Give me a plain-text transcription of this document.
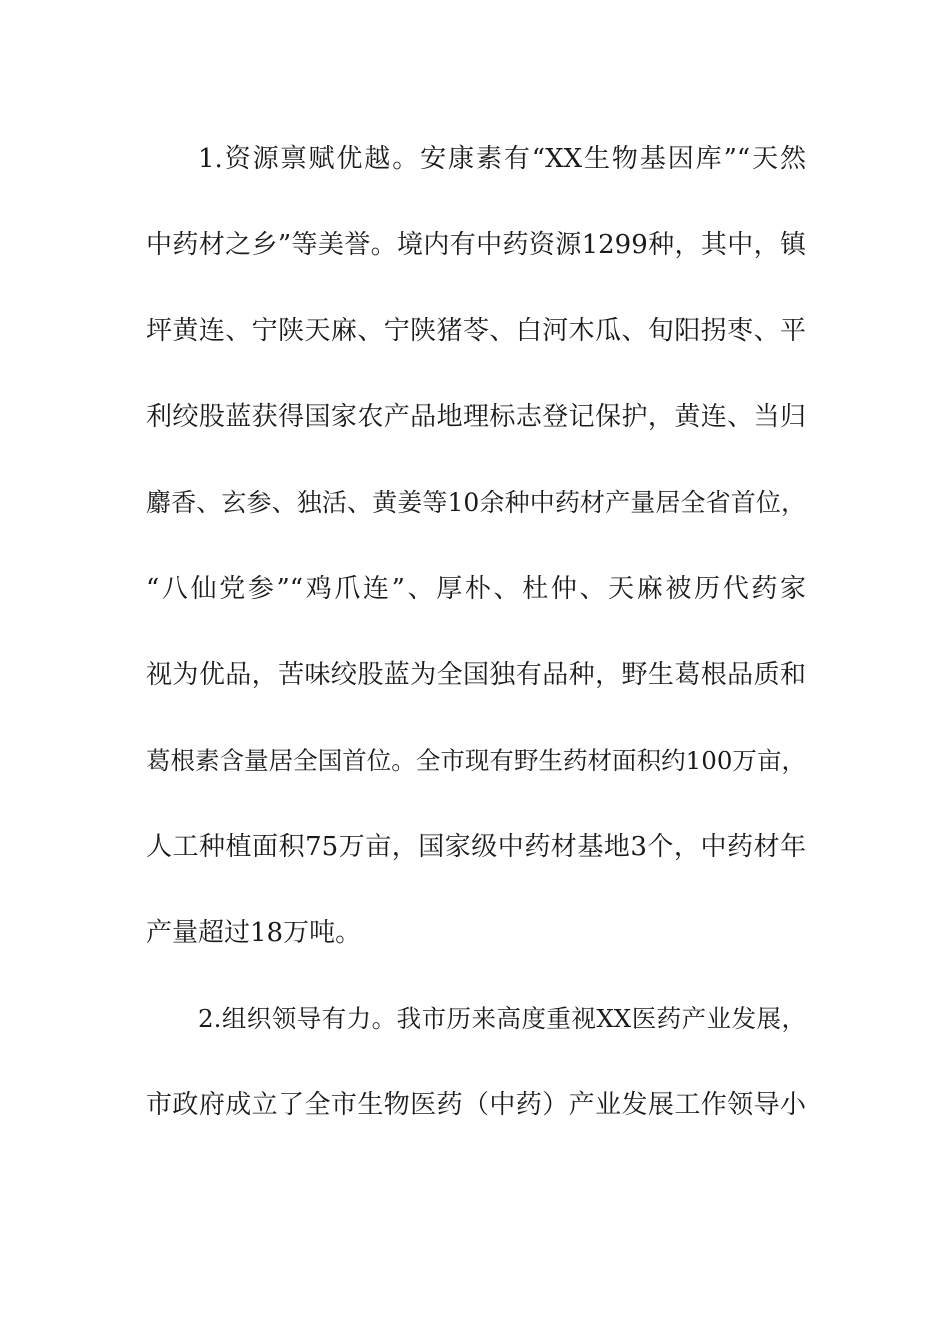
1.资源禀赋优越。安康素有“XX生物基因库”“天然
中药材之乡”等美誉。境内有中药资源1299种，其中，镇
坪黄连、宁陕天麻、宁陕猪苓、白河木瓜、旬阳拐枣、平
利绞股蓝获得国家农产品地理标志登记保护，黄连、当归
麝香、玄参、独活、黄姜等10余种中药材产量居全省首位，
“八仙党参”“鸡爪连”、厚朴、杜仲、天麻被历代药家
视为优品，苦味绞股蓝为全国独有品种，野生葛根品质和
葛根素含量居全国首位。全市现有野生药材面积约100万亩，
人工种植面积75万亩，国家级中药材基地3个，中药材年
产量超过18万吨。
2.组织领导有力。我市历来高度重视XX医药产业发展，
市政府成立了全市生物医药（中药）产业发展工作领导小
